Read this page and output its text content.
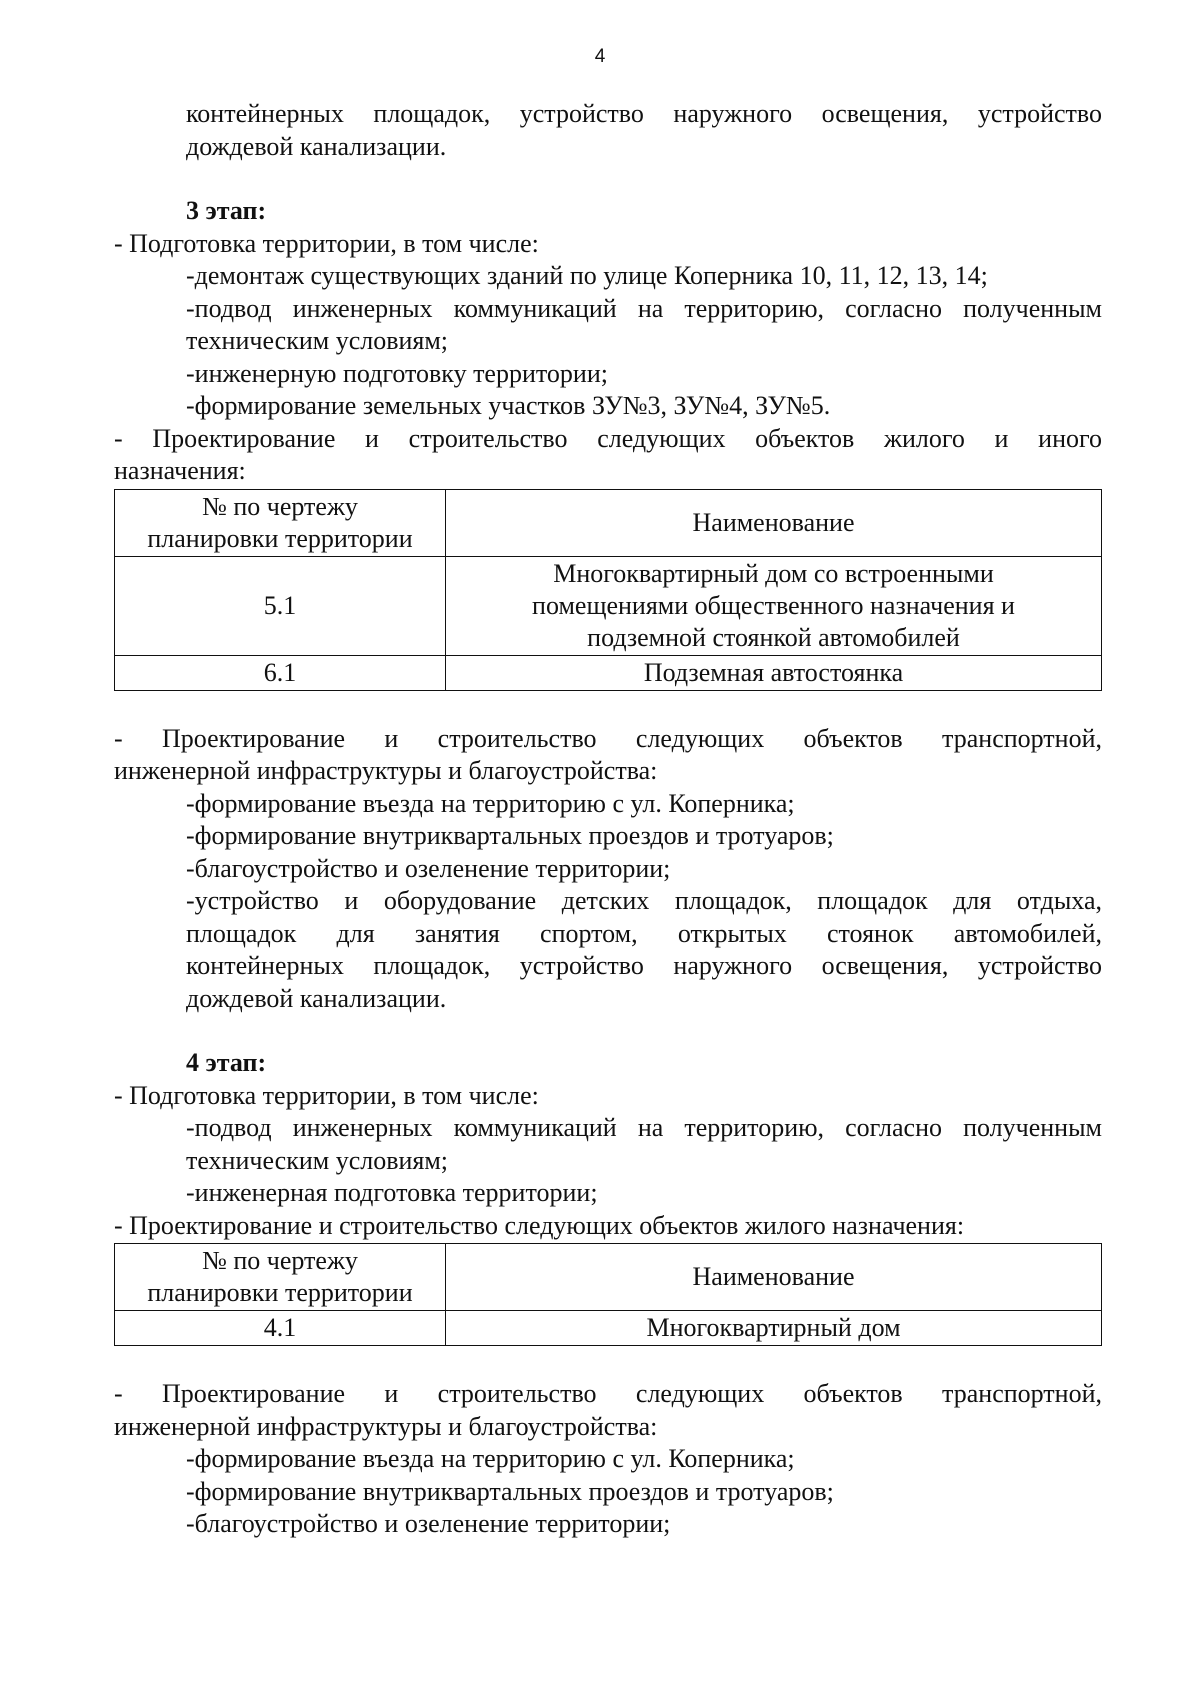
4
контейнерных площадок, устройство наружного освещения, устройство
дождевой канализации.
3 этап:
- Подготовка территории, в том числе:
-демонтаж существующих зданий по улице Коперника 10, 11, 12, 13, 14;
-подвод инженерных коммуникаций на территорию, согласно полученным
техническим условиям;
-инженерную подготовку территории;
-формирование земельных участков ЗУ№3, ЗУ№4, ЗУ№5.
- Проектирование и строительство следующих объектов жилого и иного
назначения:
№ по чертежу
планировки территории	Наименование
5.1	Многоквартирный дом со встроенными
помещениями общественного назначения и
подземной стоянкой автомобилей

6.1	Подземная автостоянка
- Проектирование и строительство следующих объектов транспортной,
инженерной инфраструктуры и благоустройства:
-формирование въезда на территорию с ул. Коперника;
-формирование внутриквартальных проездов и тротуаров;
-благоустройство и озеленение территории;
-устройство и оборудование детских площадок, площадок для отдыха,
площадок для занятия спортом, открытых стоянок автомобилей,
контейнерных площадок, устройство наружного освещения, устройство
дождевой канализации.
4 этап:
- Подготовка территории, в том числе:
-подвод инженерных коммуникаций на территорию, согласно полученным
техническим условиям;
-инженерная подготовка территории;
- Проектирование и строительство следующих объектов жилого назначения:
№ по чертежу
планировки территории	Наименование
4.1	Многоквартирный дом
- Проектирование и строительство следующих объектов транспортной,
инженерной инфраструктуры и благоустройства:
-формирование въезда на территорию с ул. Коперника;
-формирование внутриквартальных проездов и тротуаров;
-благоустройство и озеленение территории;
